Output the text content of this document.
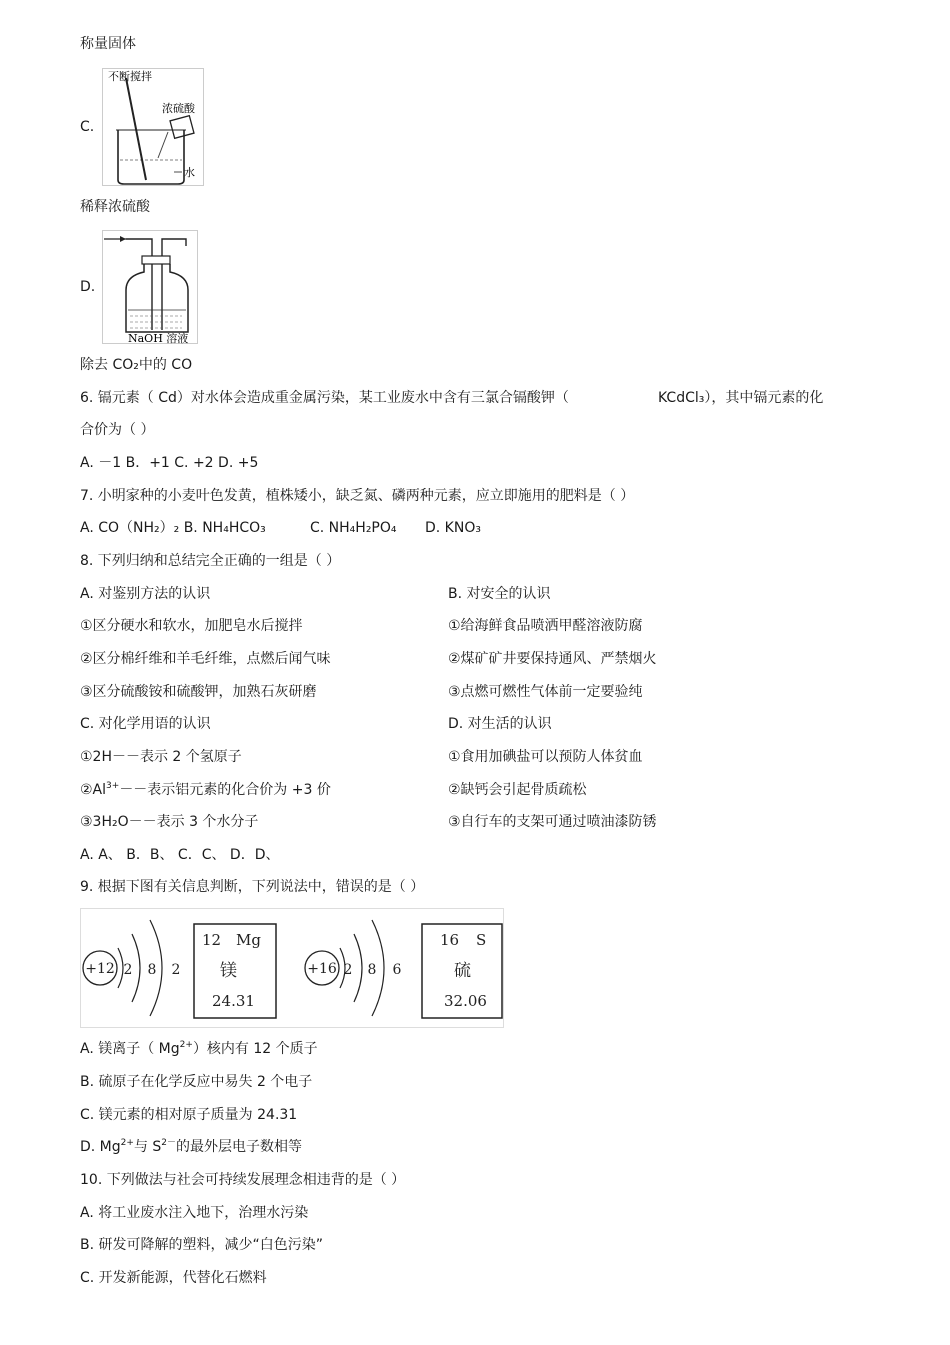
称量固体
C.
不断搅拌
浓硫酸
水
稀释浓硫酸
D.
NaOH 溶液
除去 CO₂中的 CO
6. 镉元素（ Cd）对水体会造成重金属污染，某工业废水中含有三氯合镉酸钾（	KCdCl₃），其中镉元素的化
合价为（ ）
A. －1 B．+1 C. +2 D. +5
7. 小明家种的小麦叶色发黄，植株矮小，缺乏氮、磷两种元素，应立即施用的肥料是（ ）
A. CO（NH₂）₂ B. NH₄HCO₃	C. NH₄H₂PO₄ D. KNO₃
8. 下列归纳和总结完全正确的一组是（ ）
A. 对鉴别方法的认识	B. 对安全的认识
①区分硬水和软水，加肥皂水后搅拌	①给海鲜食品喷洒甲醛溶液防腐
②区分棉纤维和羊毛纤维，点燃后闻气味	②煤矿矿井要保持通风、严禁烟火
③区分硫酸铵和硫酸钾，加熟石灰研磨	③点燃可燃性气体前一定要验纯
C. 对化学用语的认识	D. 对生活的认识
①2H－－表示 2 个氢原子	①食用加碘盐可以预防人体贫血
$②Al^{3+}--$表示铝元素的化合价为 +3 价	②缺钙会引起骨质疏松
③3H₂O－－表示 3 个水分子	③自行车的支架可通过喷油漆防锈
A. A、 B．B、 C．C、 D．D、
9. 根据下图有关信息判断，下列说法中，错误的是（ ）
+12 2 8 2
12 Mg
镁
24.31
+16 2 8 6
16 S
硫
32.06
A. 镁离子（ $Mg^{2+}$）核内有 12 个质子
B. 硫原子在化学反应中易失 2 个电子
C. 镁元素的相对原子质量为 24.31
D. $Mg^{2+}$与 $S^{2-}$的最外层电子数相等
10. 下列做法与社会可持续发展理念相违背的是（ ）
A. 将工业废水注入地下，治理水污染
B. 研发可降解的塑料，减少“白色污染”
C. 开发新能源，代替化石燃料
